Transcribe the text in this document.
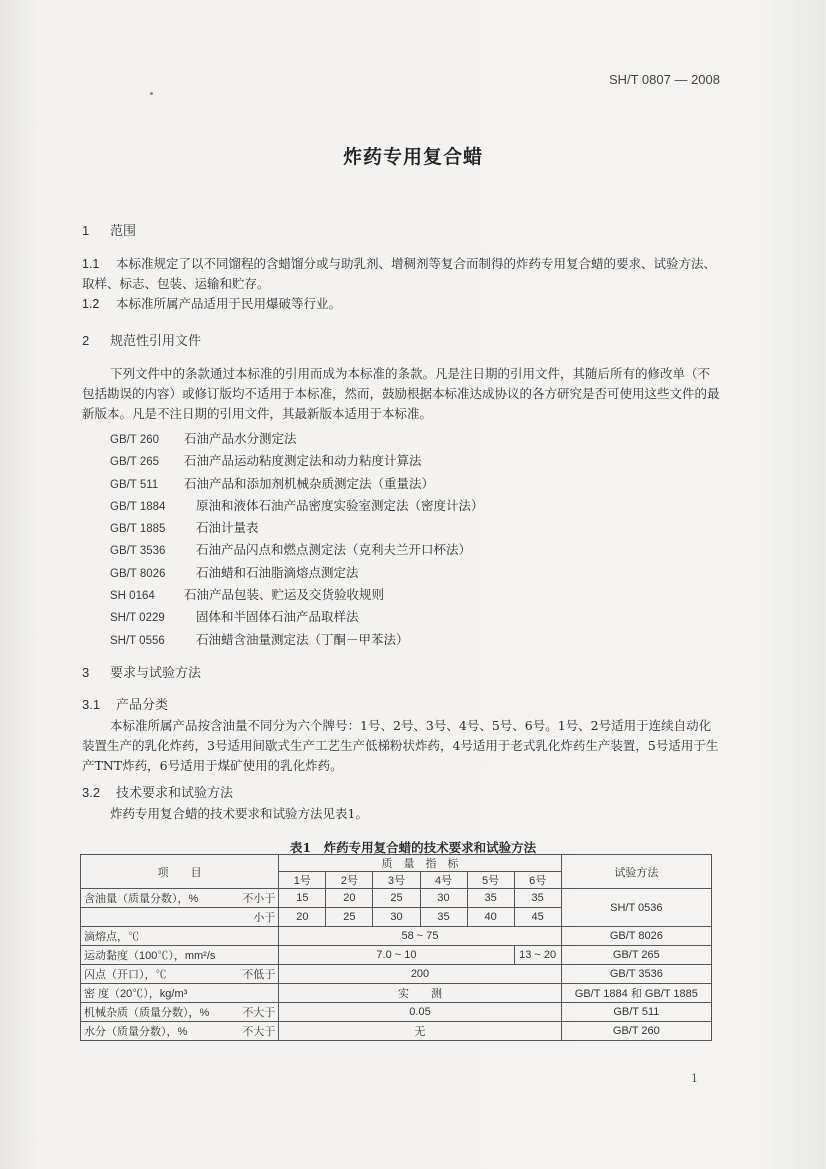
SH/T 0807 — 2008
炸药专用复合蜡
1 范围
1.1 本标准规定了以不同馏程的含蜡馏分或与助乳剂、增稠剂等复合而制得的炸药专用复合蜡的要求、试验方法、取样、标志、包装、运输和贮存。
1.2 本标准所属产品适用于民用爆破等行业。
2 规范性引用文件
下列文件中的条款通过本标准的引用而成为本标准的条款。凡是注日期的引用文件，其随后所有的修改单（不包括勘误的内容）或修订版均不适用于本标准，然而，鼓励根据本标准达成协议的各方研究是否可使用这些文件的最新版本。凡是不注日期的引用文件，其最新版本适用于本标准。
GB/T 260 石油产品水分测定法
GB/T 265 石油产品运动粘度测定法和动力粘度计算法
GB/T 511 石油产品和添加剂机械杂质测定法（重量法）
GB/T 1884 原油和液体石油产品密度实验室测定法（密度计法）
GB/T 1885 石油计量表
GB/T 3536 石油产品闪点和燃点测定法（克利夫兰开口杯法）
GB/T 8026 石油蜡和石油脂滴熔点测定法
SH 0164 石油产品包装、贮运及交货验收规则
SH/T 0229 固体和半固体石油产品取样法
SH/T 0556 石油蜡含油量测定法（丁酮－甲苯法）
3 要求与试验方法
3.1 产品分类
本标准所属产品按含油量不同分为六个牌号：1号、2号、3号、4号、5号、6号。1号、2号适用于连续自动化装置生产的乳化炸药，3号适用间歇式生产工艺生产低梯粉状炸药，4号适用于老式乳化炸药生产装置，5号适用于生产TNT炸药，6号适用于煤矿使用的乳化炸药。
3.2 技术要求和试验方法
炸药专用复合蜡的技术要求和试验方法见表1。
表1　炸药专用复合蜡的技术要求和试验方法
项　　目	质　量　指　标						试验方法
	1号	2号	3号	4号	5号	6号	
含油量（质量分数），% 不小于	15	20	25	30	35	35	SH/T 0536

小于	20	25	30	35	40	45	
滴熔点，℃	58 ~ 75						GB/T 8026
运动黏度（100℃），mm²/s	7.0 ~ 10					13 ~ 20	GB/T 265
闪点（开口），℃ 不低于	200						GB/T 3536
密 度（20℃），kg/m³	实　　测						GB/T 1884 和 GB/T 1885
机械杂质（质量分数），% 不大于	0.05						GB/T 511
水分（质量分数），% 不大于	无						GB/T 260
1
